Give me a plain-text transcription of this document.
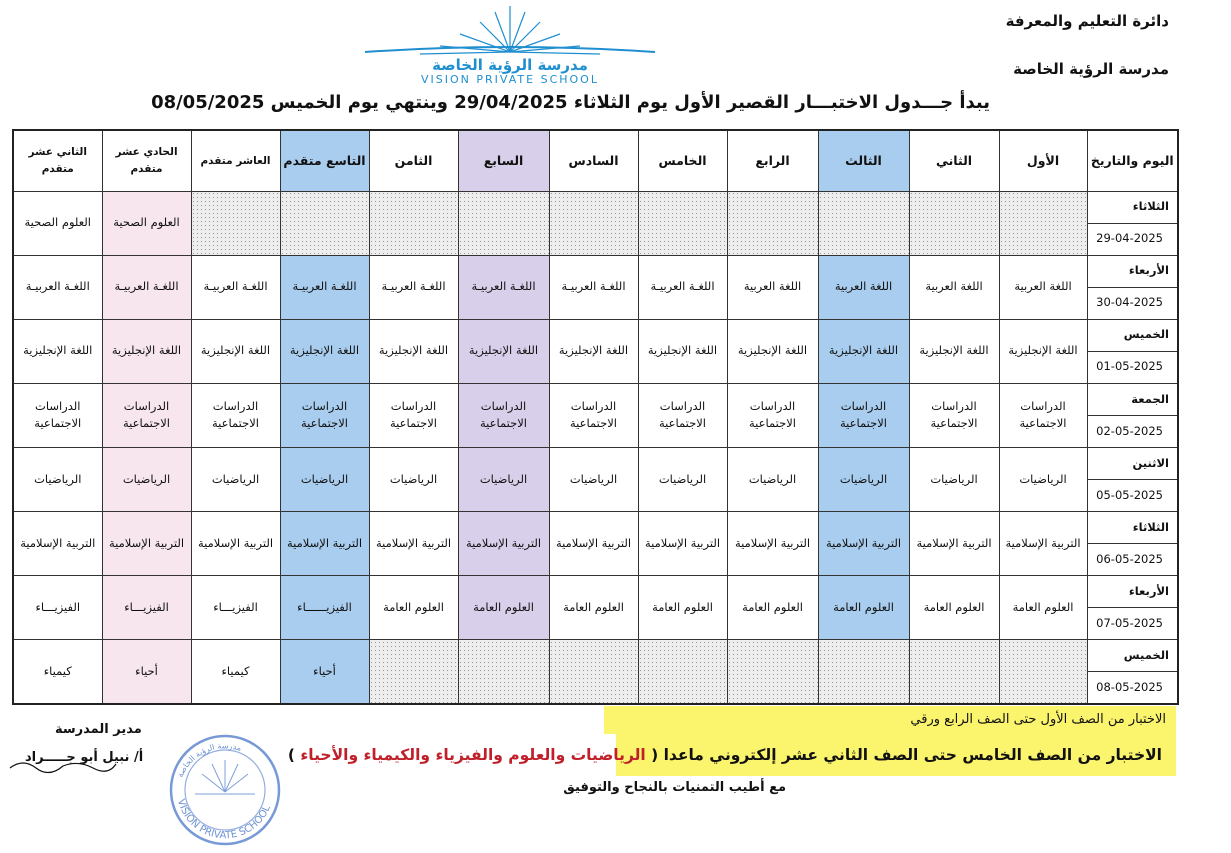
دائرة التعليم والمعرفة
مدرسة الرؤية الخاصة
مدرسة الرؤية الخاصة
VISION PRIVATE SCHOOL
يبدأ جـــدول الاختبـــار القصير الأول يوم الثلاثاء 29/04/2025 وينتهي يوم الخميس 08/05/2025
اليوم والتاريخ	الأول	الثاني	الثالث	الرابع	الخامس	السادس	السابع	الثامن	التاسع متقدم	العاشر متقدم	الحادي عشر متقدم	الثاني عشر متقدم
الثلاثاء											العلوم الصحية	العلوم الصحية
29-04-2025												
الأربعاء	اللغة العربية	اللغة العربية	اللغة العربية	اللغة العربية	اللغـة العربيـة	اللغـة العربيـة	اللغـة العربيـة	اللغـة العربيـة	اللغـة العربيـة	اللغـة العربيـة	اللغـة العربيـة	اللغـة العربيـة
30-04-2025												
الخميس	اللغة الإنجليزية	اللغة الإنجليزية	اللغة الإنجليزية	اللغة الإنجليزية	اللغة الإنجليزية	اللغة الإنجليزية	اللغة الإنجليزية	اللغة الإنجليزية	اللغة الإنجليزية	اللغة الإنجليزية	اللغة الإنجليزية	اللغة الإنجليزية
01-05-2025												
الجمعة	الدراسات الاجتماعية	الدراسات الاجتماعية	الدراسات الاجتماعية	الدراسات الاجتماعية	الدراسات الاجتماعية	الدراسات الاجتماعية	الدراسات الاجتماعية	الدراسات الاجتماعية	الدراسات الاجتماعية	الدراسات الاجتماعية	الدراسات الاجتماعية	الدراسات الاجتماعية
02-05-2025												
الاثنين	الرياضيات	الرياضيات	الرياضيات	الرياضيات	الرياضيات	الرياضيات	الرياضيات	الرياضيات	الرياضيات	الرياضيات	الرياضيات	الرياضيات
05-05-2025												
الثلاثاء	التربية الإسلامية	التربية الإسلامية	التربية الإسلامية	التربية الإسلامية	التربية الإسلامية	التربية الإسلامية	التربية الإسلامية	التربية الإسلامية	التربية الإسلامية	التربية الإسلامية	التربية الإسلامية	التربية الإسلامية
06-05-2025												
الأربعاء	العلوم العامة	العلوم العامة	العلوم العامة	العلوم العامة	العلوم العامة	العلوم العامة	العلوم العامة	العلوم العامة	الفيزيــــــاء	الفيزيـــاء	الفيزيـــاء	الفيزيـــاء
07-05-2025												
الخميس									أحياء	كيمياء	أحياء	كيمياء
08-05-2025												
الاختبار من الصف الأول حتى الصف الرابع ورقي
الاختبار من الصف الخامس حتى الصف الثاني عشر إلكتروني ماعدا ( الرياضيات والعلوم والفيزياء والكيمياء والأحياء )
مع أطيب التمنيات بالنجاح والتوفيق
مدير المدرسة
أ/ نبيل أبو جـــــراد
VISION PRIVATE SCHOOL
مدرسة الرؤية الخاصة
